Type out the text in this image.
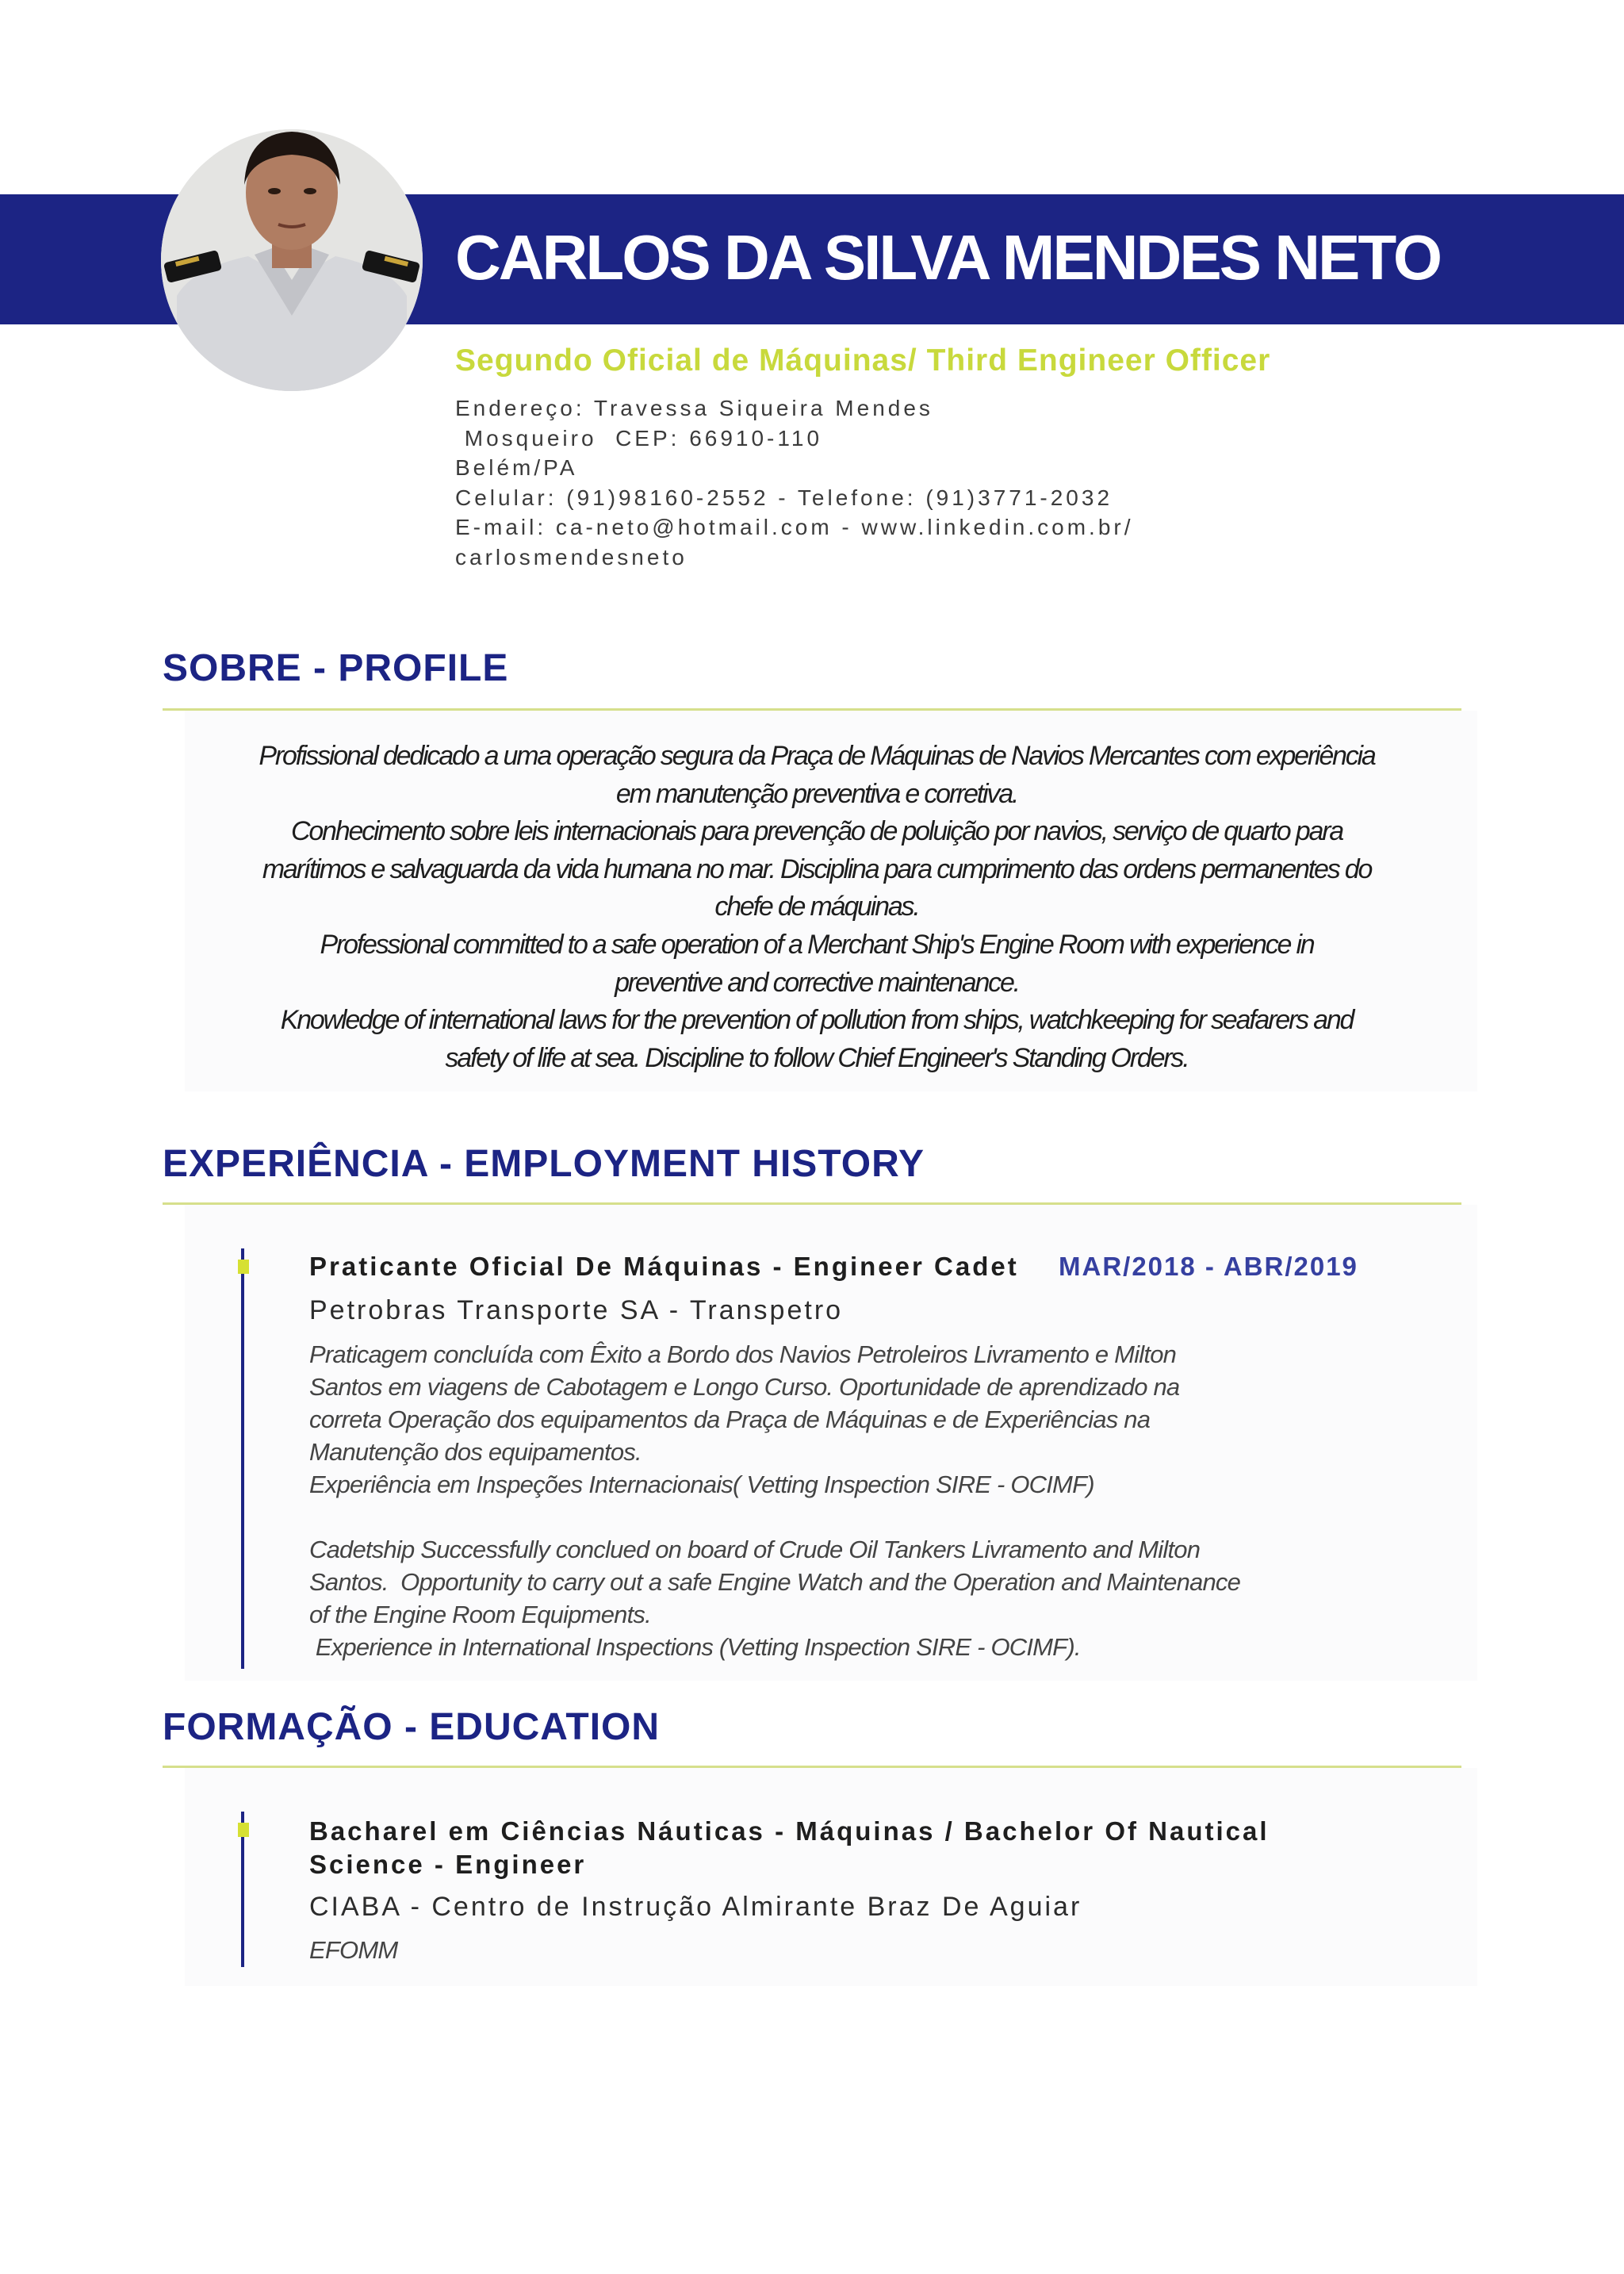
CARLOS DA SILVA MENDES NETO
Segundo Oficial de Máquinas/ Third Engineer Officer
Endereço: Travessa Siqueira Mendes
Mosqueiro  CEP: 66910-110
Belém/PA
Celular: (91)98160-2552 - Telefone: (91)3771-2032
E-mail: ca-neto@hotmail.com - www.linkedin.com.br/
carlosmendesneto
SOBRE - PROFILE
Profissional dedicado a uma operação segura da Praça de Máquinas de Navios Mercantes com experiência
em manutenção preventiva e corretiva.
Conhecimento sobre leis internacionais para prevenção de poluição por navios, serviço de quarto para
marítimos e salvaguarda da vida humana no mar. Disciplina para cumprimento das ordens permanentes do
chefe de máquinas.
Professional committed to a safe operation of a Merchant Ship's Engine Room with experience in
preventive and corrective maintenance.
Knowledge of international laws for the prevention of pollution from ships, watchkeeping for seafarers and
safety of life at sea. Discipline to follow Chief Engineer's Standing Orders.
EXPERIÊNCIA - EMPLOYMENT HISTORY
Praticante Oficial De Máquinas - Engineer Cadet MAR/2018 - ABR/2019
Petrobras Transporte SA - Transpetro
Praticagem concluída com Êxito a Bordo dos Navios Petroleiros Livramento e Milton
Santos em viagens de Cabotagem e Longo Curso. Oportunidade de aprendizado na
correta Operação dos equipamentos da Praça de Máquinas e de Experiências na
Manutenção dos equipamentos.
Experiência em Inspeções Internacionais( Vetting Inspection SIRE - OCIMF)
Cadetship Successfully conclued on board of Crude Oil Tankers Livramento and Milton
Santos.  Opportunity to carry out a safe Engine Watch and the Operation and Maintenance
of the Engine Room Equipments.
Experience in International Inspections (Vetting Inspection SIRE - OCIMF).
FORMAÇÃO - EDUCATION
Bacharel em Ciências Náuticas - Máquinas / Bachelor Of Nautical
Science - Engineer
CIABA - Centro de Instrução Almirante Braz De Aguiar
EFOMM
